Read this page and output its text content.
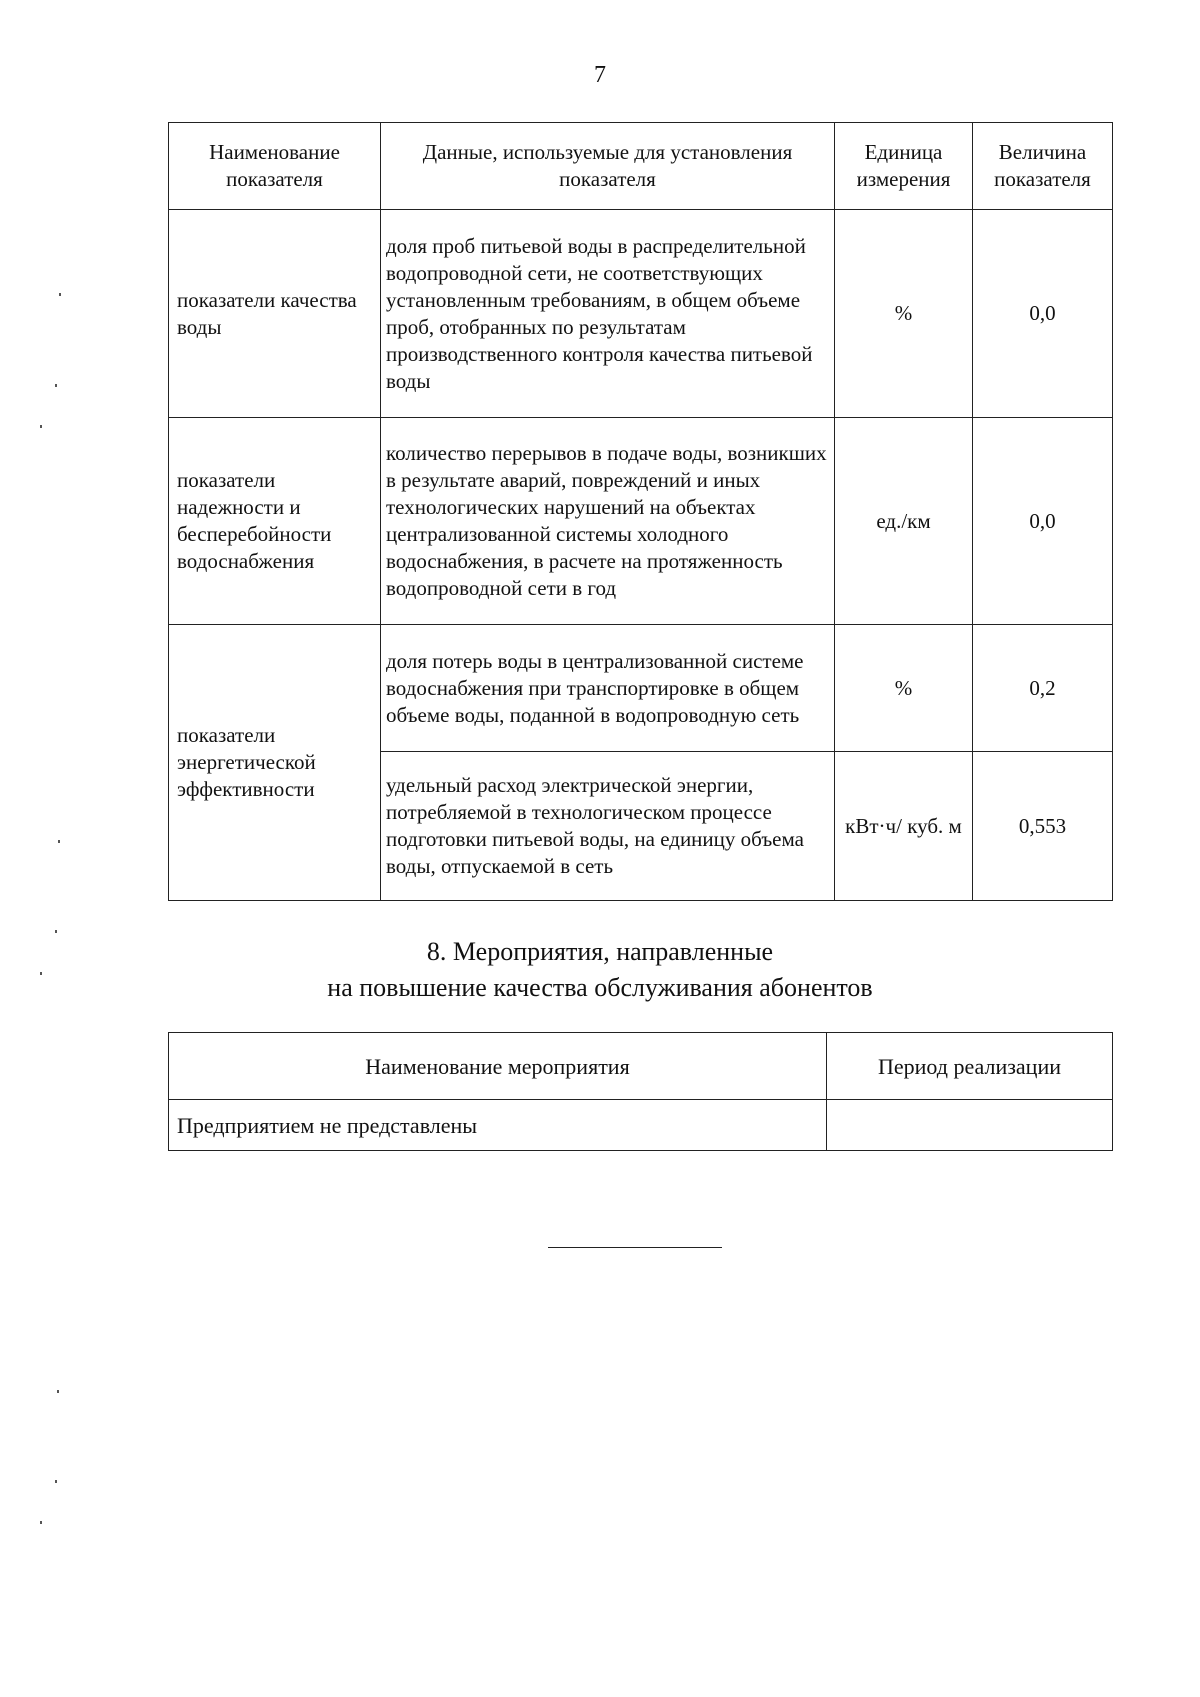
7
Наименование показателя	Данные, используемые для установления показателя	Единица измерения	Величина показателя
показатели качества воды	доля проб питьевой воды в распределительной водопроводной сети, не соответствующих установленным требованиям, в общем объеме проб, отобранных по результатам производственного контроля качества питьевой воды	%	0,0
показатели надежности и бесперебойности водоснабжения	количество перерывов в подаче воды, возникших в результате аварий, повреждений и иных технологических нарушений на объектах централизованной системы холодного водоснабжения, в расчете на протяженность водопроводной сети в год	ед./км	0,0
показатели энергетической эффективности	доля потерь воды в централизованной системе водоснабжения при транспортировке в общем объеме воды, поданной в водопроводную сеть	%	0,2
	удельный расход электрической энергии, потребляемой в технологическом процессе подготовки питьевой воды, на единицу объема воды, отпускаемой в сеть	кВт·ч/ куб. м	0,553
8. Мероприятия, направленные
на повышение качества обслуживания абонентов
Наименование мероприятия	Период реализации
Предприятием не представлены	
